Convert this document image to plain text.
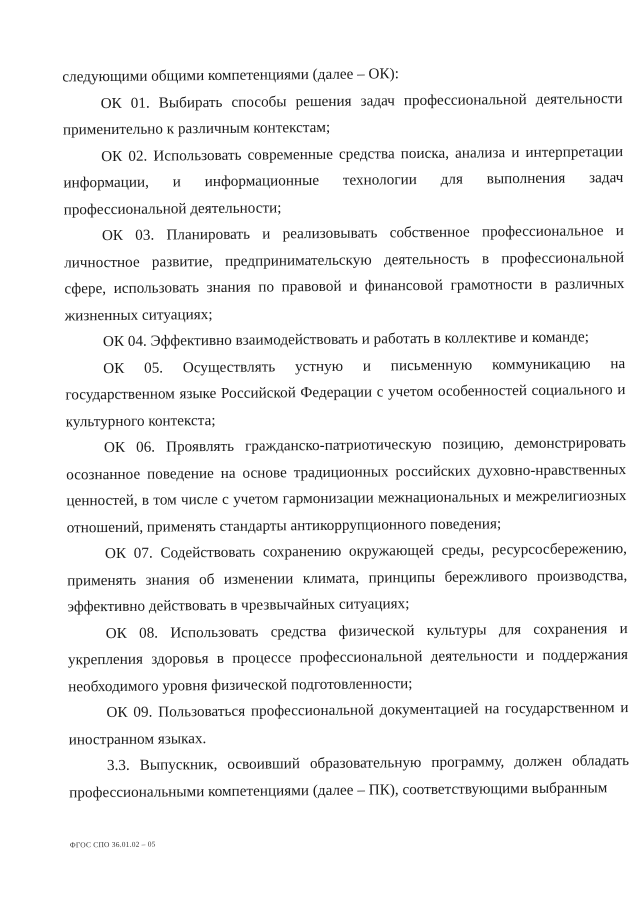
следующими общими компетенциями (далее – ОК):

ОК 01. Выбирать способы решения задач профессиональной деятельности применительно к различным контекстам;

ОК 02. Использовать современные средства поиска, анализа и интерпретации информации, и информационные технологии для выполнения задач профессиональной деятельности;

ОК 03. Планировать и реализовывать собственное профессиональное и личностное развитие, предпринимательскую деятельность в профессиональной сфере, использовать знания по правовой и финансовой грамотности в различных жизненных ситуациях;

ОК 04. Эффективно взаимодействовать и работать в коллективе и команде;

ОК 05. Осуществлять устную и письменную коммуникацию на государственном языке Российской Федерации с учетом особенностей социального и культурного контекста;

ОК 06. Проявлять гражданско-патриотическую позицию, демонстрировать осознанное поведение на основе традиционных российских духовно-нравственных ценностей, в том числе с учетом гармонизации межнациональных и межрелигиозных отношений, применять стандарты антикоррупционного поведения;

ОК 07. Содействовать сохранению окружающей среды, ресурсосбережению, применять знания об изменении климата, принципы бережливого производства, эффективно действовать в чрезвычайных ситуациях;

ОК 08. Использовать средства физической культуры для сохранения и укрепления здоровья в процессе профессиональной деятельности и поддержания необходимого уровня физической подготовленности;

ОК 09. Пользоваться профессиональной документацией на государственном и иностранном языках.

3.3. Выпускник, освоивший образовательную программу, должен обладать профессиональными компетенциями (далее – ПК), соответствующими выбранным

ФГОС СПО 36.01.02 – 05
